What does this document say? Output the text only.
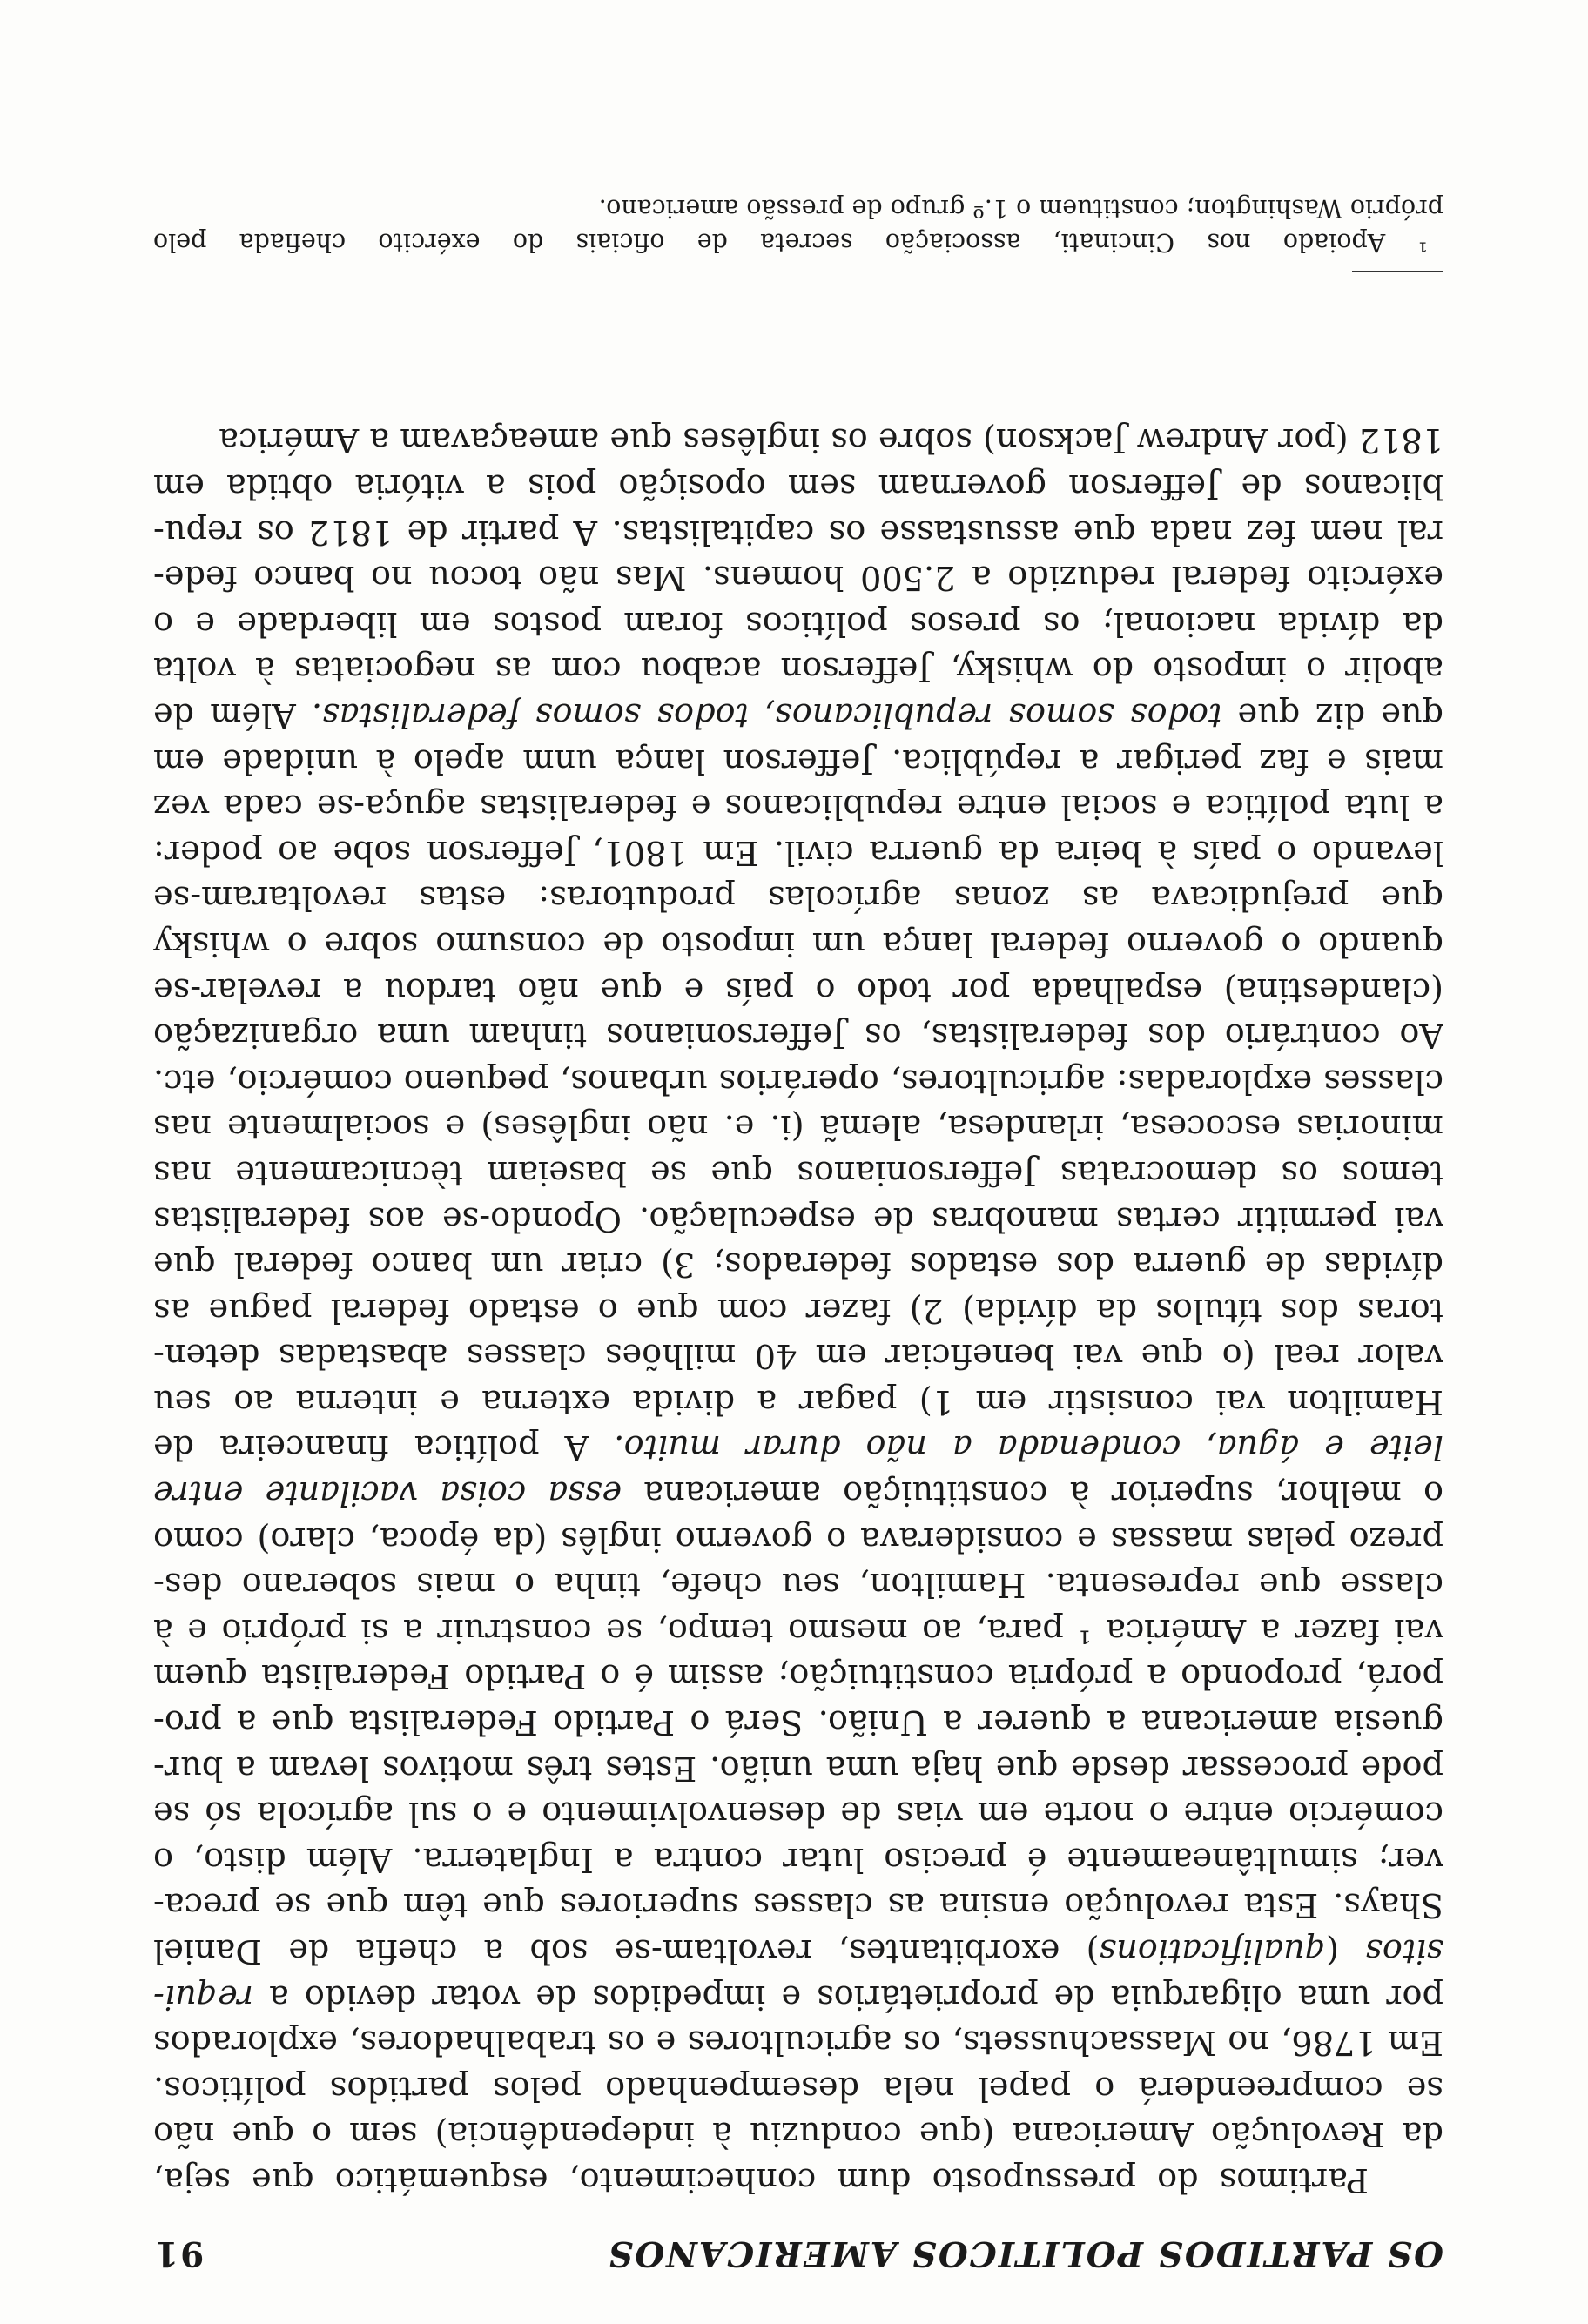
OS PARTIDOS POLITICOS AMERICANOS
91
Partimos do pressuposto dum conhecimento, esquemático que seja,
da Revolução Americana (que conduziu à independência) sem o que não
se compreenderá o papel nela desempenhado pelos partidos políticos.
Em 1786, no Massachussets, os agricultores e os trabalhadores, explorados
por uma oligarquia de proprietários e impedidos de votar devido a requi-
sitos (qualifications) exorbitantes, revoltam-se sob a chefia de Daniel
Shays. Esta revolução ensina as classes superiores que têm que se preca-
ver; simultâneamente é preciso lutar contra a Inglaterra. Além disto, o
comércio entre o norte em vias de desenvolvimento e o sul agrícola só se
pode processar desde que haja uma união. Estes três motivos levam a bur-
guesia americana a querer a União. Será o Partido Federalista que a pro-
porá, propondo a própria constituição; assim é o Partido Federalista quem
vai fazer a América ¹ para, ao mesmo tempo, se construir a si próprio e à
classe que representa. Hamilton, seu chefe, tinha o mais soberano des-
prezo pelas massas e considerava o governo inglês (da época, claro) como
o melhor, superior à constituição americana essa coisa vacilante entre
leite e água, condenada a não durar muito. A política financeira de
Hamilton vai consistir em 1) pagar a divida externa e interna ao seu
valor real (o que vai beneficiar em 40 milhões classes abastadas deten-
toras dos títulos da dívida) 2) fazer com que o estado federal pague as
dívidas de guerra dos estados federados; 3) criar um banco federal que
vai permitir certas manobras de especulação. Opondo-se aos federalistas
temos os democratas Jeffersonianos que se baseiam tècnicamente nas
minorias escocesa, irlandesa, alemã (i. e. não inglêses) e socialmente nas
classes exploradas: agricultores, operários urbanos, pequeno comércio, etc.
Ao contrário dos federalistas, os Jeffersonianos tinham uma organização
(clandestina) espalhada por todo o país e que não tardou a revelar-se
quando o governo federal lança um imposto de consumo sobre o whisky
que prejudicava as zonas agrícolas produtoras: estas revoltaram-se
levando o país à beira da guerra civil. Em 1801, Jefferson sobe ao poder:
a luta política e social entre republicanos e federalistas aguça-se cada vez
mais e faz perigar a república. Jefferson lança unm apelo à unidade em
que diz que todos somos republicanos, todos somos federalistas. Além de
abolir o imposto do whisky, Jefferson acabou com as negociatas à volta
da dívida nacional; os presos políticos foram postos em liberdade e o
exército federal reduzido a 2.500 homens. Mas não tocou no banco fede-
ral nem fez nada que assustasse os capitalistas. A partir de 1812 os repu-
blicanos de Jefferson governam sem oposição pois a vitória obtida em
1812 (por Andrew Jackson) sobre os inglêses que ameaçavam a América
¹ Apoiado nos Cincinati, associação secreta de oficiais do exército chefiada pelo
próprio Washington; constituem o 1.º grupo de pressão americano.
